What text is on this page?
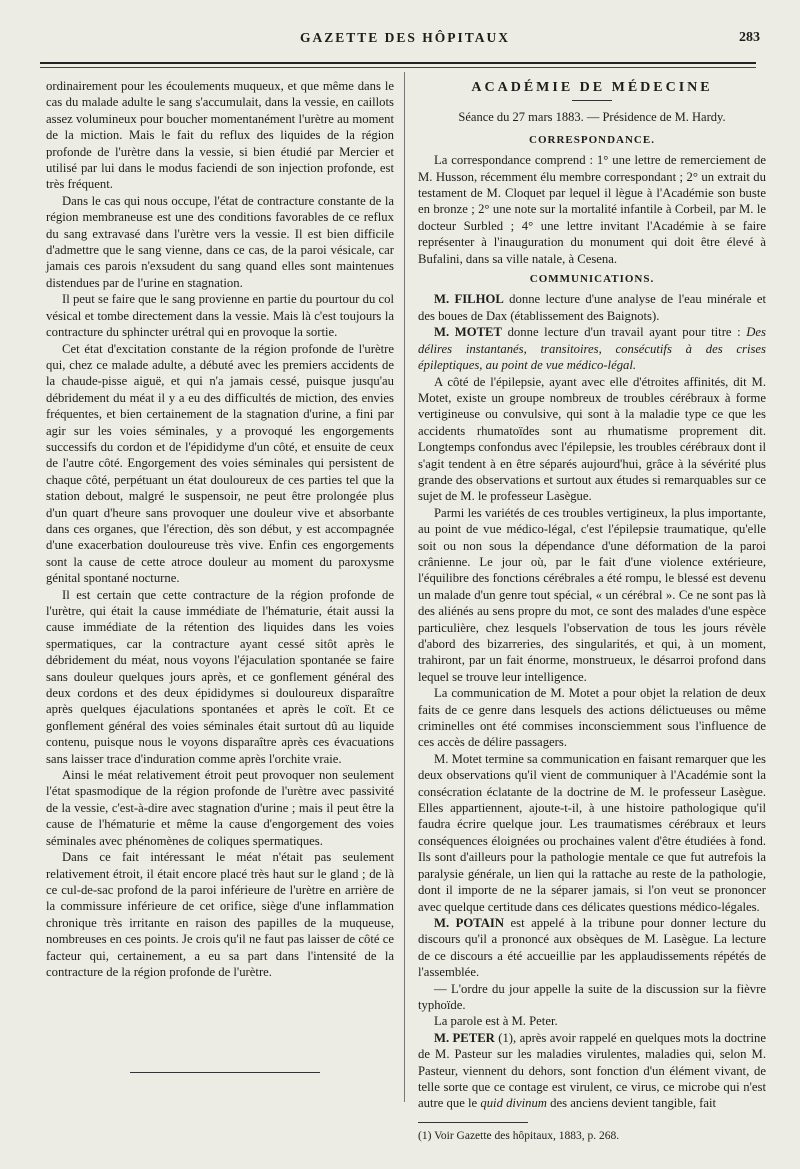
GAZETTE DES HÔPITAUX	283

ordinairement pour les écoulements muqueux, et que même dans le cas du malade adulte le sang s'accumulait, dans la vessie, en caillots assez volumineux pour boucher momentanément l'urètre au moment de la miction. Mais le fait du reflux des liquides de la région profonde de l'urètre dans la vessie, si bien étudié par Mercier et utilisé par lui dans le modus faciendi de son injection profonde, est très fréquent.

Dans le cas qui nous occupe, l'état de contracture constante de la région membraneuse est une des conditions favorables de ce reflux du sang extravasé dans l'urètre vers la vessie. Il est bien difficile d'admettre que le sang vienne, dans ce cas, de la paroi vésicale, car jamais ces parois n'exsudent du sang quand elles sont maintenues distendues par de l'urine en stagnation.

Il peut se faire que le sang provienne en partie du pourtour du col vésical et tombe directement dans la vessie. Mais là c'est toujours la contracture du sphincter urétral qui en provoque la sortie.

Cet état d'excitation constante de la région profonde de l'urètre qui, chez ce malade adulte, a débuté avec les premiers accidents de la chaude-pisse aiguë, et qui n'a jamais cessé, puisque jusqu'au débridement du méat il y a eu des difficultés de miction, des envies fréquentes, et bien certainement de la stagnation d'urine, a fini par agir sur les voies séminales, y a provoqué les engorgements successifs du cordon et de l'épididyme d'un côté, et ensuite de ceux de l'autre côté. Engorgement des voies séminales qui persistent de chaque côté, perpétuant un état douloureux de ces parties tel que la station debout, malgré le suspensoir, ne peut être prolongée plus d'un quart d'heure sans provoquer une douleur vive et absorbante dans ces organes, que l'érection, dès son début, y est accompagnée d'une exacerbation douloureuse très vive. Enfin ces engorgements sont la cause de cette atroce douleur au moment du paroxysme génital spontané nocturne.

Il est certain que cette contracture de la région profonde de l'urètre, qui était la cause immédiate de l'hématurie, était aussi la cause immédiate de la rétention des liquides dans les voies spermatiques, car la contracture ayant cessé sitôt après le débridement du méat, nous voyons l'éjaculation spontanée se faire sans douleur quelques jours après, et ce gonflement général des deux cordons et des deux épididymes si douloureux disparaître après quelques éjaculations spontanées et après le coït. Et ce gonflement général des voies séminales était surtout dû au liquide contenu, puisque nous le voyons disparaître après ces évacuations sans laisser trace d'induration comme après l'orchite vraie.

Ainsi le méat relativement étroit peut provoquer non seulement l'état spasmodique de la région profonde de l'urètre avec passivité de la vessie, c'est-à-dire avec stagnation d'urine ; mais il peut être la cause de l'hématurie et même la cause d'engorgement des voies séminales avec phénomènes de coliques spermatiques.

Dans ce fait intéressant le méat n'était pas seulement relativement étroit, il était encore placé très haut sur le gland ; de là ce cul-de-sac profond de la paroi inférieure de l'urètre en arrière de la commissure inférieure de cet orifice, siège d'une inflammation chronique très irritante en raison des papilles de la muqueuse, nombreuses en ces points. Je crois qu'il ne faut pas laisser de côté ce facteur qui, certainement, a eu sa part dans l'intensité de la contracture de la région profonde de l'urètre.

ACADÉMIE DE MÉDECINE
Séance du 27 mars 1883. — Présidence de M. Hardy.
CORRESPONDANCE.

La correspondance comprend : 1° une lettre de remerciement de M. Husson, récemment élu membre correspondant ; 2° un extrait du testament de M. Cloquet par lequel il lègue à l'Académie son buste en bronze ; 2° une note sur la mortalité infantile à Corbeil, par M. le docteur Surbled ; 4° une lettre invitant l'Académie à se faire représenter à l'inauguration du monument qui doit être élevé à Bufalini, dans sa ville natale, à Cesena.

COMMUNICATIONS.

M. FILHOL donne lecture d'une analyse de l'eau minérale et des boues de Dax (établissement des Baignots).

M. MOTET donne lecture d'un travail ayant pour titre : Des délires instantanés, transitoires, consécutifs à des crises épileptiques, au point de vue médico-légal.

A côté de l'épilepsie, ayant avec elle d'étroites affinités, dit M. Motet, existe un groupe nombreux de troubles cérébraux à forme vertigineuse ou convulsive, qui sont à la maladie type ce que les accidents rhumatoïdes sont au rhumatisme proprement dit. Longtemps confondus avec l'épilepsie, les troubles cérébraux dont il s'agit tendent à en être séparés aujourd'hui, grâce à la sévérité plus grande des observations et surtout aux études si remarquables sur ce sujet de M. le professeur Lasègue.

Parmi les variétés de ces troubles vertigineux, la plus importante, au point de vue médico-légal, c'est l'épilepsie traumatique, qu'elle soit ou non sous la dépendance d'une déformation de la paroi crânienne. Le jour où, par le fait d'une violence extérieure, l'équilibre des fonctions cérébrales a été rompu, le blessé est devenu un malade d'un genre tout spécial, « un cérébral ». Ce ne sont pas là des aliénés au sens propre du mot, ce sont des malades d'une espèce particulière, chez lesquels l'observation de tous les jours révèle d'abord des bizarreries, des singularités, et qui, à un moment, trahiront, par un fait énorme, monstrueux, le désarroi profond dans lequel se trouve leur intelligence.

La communication de M. Motet a pour objet la relation de deux faits de ce genre dans lesquels des actions délictueuses ou même criminelles ont été commises inconsciemment sous l'influence de ces accès de délire passagers.

M. Motet termine sa communication en faisant remarquer que les deux observations qu'il vient de communiquer à l'Académie sont la consécration éclatante de la doctrine de M. le professeur Lasègue. Elles appartiennent, ajoute-t-il, à une histoire pathologique qu'il faudra écrire quelque jour. Les traumatismes cérébraux et leurs conséquences éloignées ou prochaines valent d'être étudiées à fond. Ils sont d'ailleurs pour la pathologie mentale ce que fut autrefois la paralysie générale, un lien qui la rattache au reste de la pathologie, dont il importe de ne la séparer jamais, si l'on veut se prononcer avec quelque certitude dans ces délicates questions médico-légales.

M. POTAIN est appelé à la tribune pour donner lecture du discours qu'il a prononcé aux obsèques de M. Lasègue. La lecture de ce discours a été accueillie par les applaudissements répétés de l'assemblée.

— L'ordre du jour appelle la suite de la discussion sur la fièvre typhoïde.

La parole est à M. Peter.

M. PETER (1), après avoir rappelé en quelques mots la doctrine de M. Pasteur sur les maladies virulentes, maladies qui, selon M. Pasteur, viennent du dehors, sont fonction d'un élément vivant, de telle sorte que ce contage est virulent, ce virus, ce microbe qui n'est autre que le quid divinum des anciens devient tangible, fait

(1) Voir Gazette des hôpitaux, 1883, p. 268.
